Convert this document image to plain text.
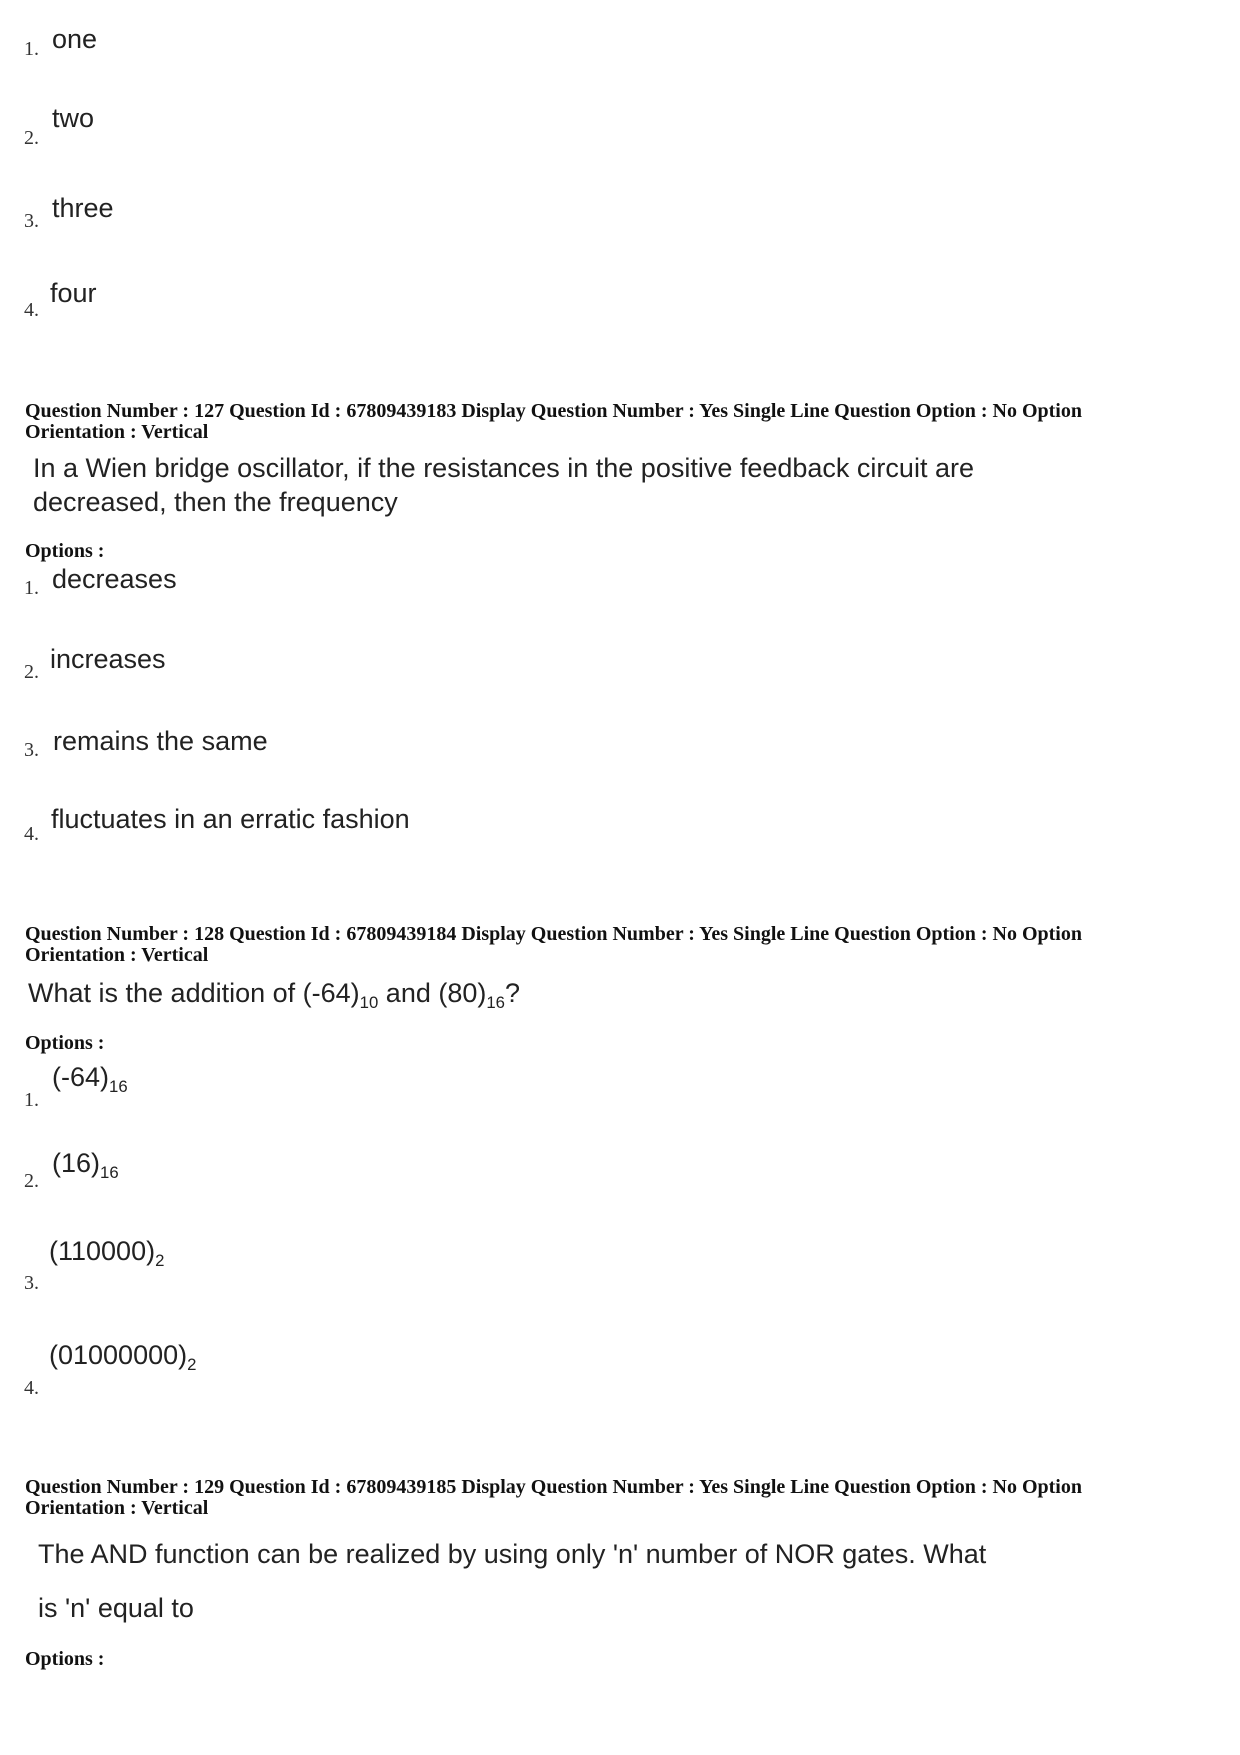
1. one
2.
two
3. three
4.
four
Question Number : 127 Question Id : 67809439183 Display Question Number : Yes Single Line Question Option : No Option
Orientation : Vertical
In a Wien bridge oscillator, if the resistances in the positive feedback circuit are
decreased, then the frequency
Options :
1. decreases
2. increases
3. remains the same
4. fluctuates in an erratic fashion
Question Number : 128 Question Id : 67809439184 Display Question Number : Yes Single Line Question Option : No Option
Orientation : Vertical
What is the addition of $(-64)_{10}$ and $(80)_{16}$?
Options :
1.
$(-64)_{16}$
2.
$(16)_{16}$
3.
$(110000)_2$
4.
$(01000000)_2$
Question Number : 129 Question Id : 67809439185 Display Question Number : Yes Single Line Question Option : No Option
Orientation : Vertical
The AND function can be realized by using only 'n' number of NOR gates. What
is 'n' equal to
Options :
